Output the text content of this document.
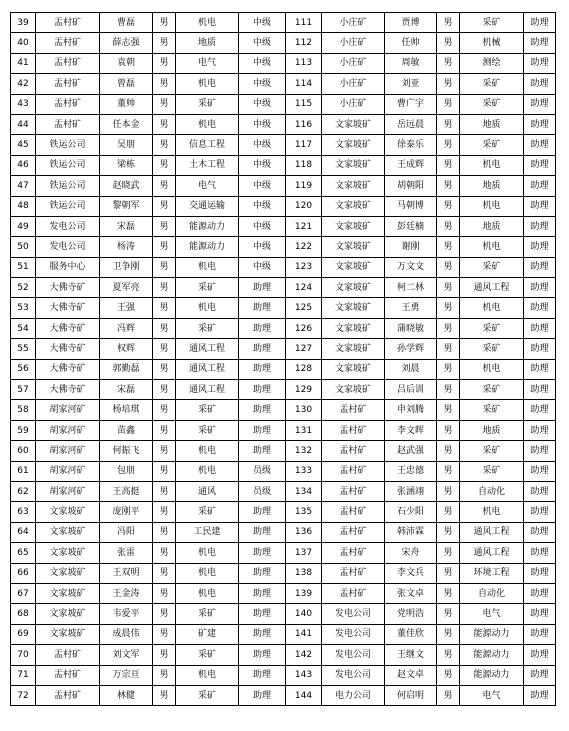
39	盂村矿	曹磊	男	机电	中级	111	小庄矿	贾博	男	采矿	助理
40	盂村矿	薛志强	男	地质	中级	112	小庄矿	任帅	男	机械	助理
41	盂村矿	袁朝	男	电气	中级	113	小庄矿	周敏	男	测绘	助理
42	盂村矿	曾磊	男	机电	中级	114	小庄矿	刘亚	男	采矿	助理
43	盂村矿	董帅	男	采矿	中级	115	小庄矿	曹广宇	男	采矿	助理
44	盂村矿	任本金	男	机电	中级	116	文家坡矿	岳远晨	男	地质	助理
45	铁运公司	吴朋	男	信息工程	中级	117	文家坡矿	徐泰乐	男	采矿	助理
46	铁运公司	梁栋	男	土木工程	中级	118	文家坡矿	王成辉	男	机电	助理
47	铁运公司	赵晓武	男	电气	中级	119	文家坡矿	胡朝阳	男	地质	助理
48	铁运公司	黎朝军	男	交通运输	中级	120	文家坡矿	马朝博	男	机电	助理
49	发电公司	宋磊	男	能源动力	中级	121	文家坡矿	彭廷楠	男	地质	助理
50	发电公司	杨涛	男	能源动力	中级	122	文家坡矿	谢刚	男	机电	助理
51	服务中心	卫争刚	男	机电	中级	123	文家坡矿	万文文	男	采矿	助理
52	大佛寺矿	夏军亮	男	采矿	助理	124	文家坡矿	柯二林	男	通风工程	助理
53	大佛寺矿	王强	男	机电	助理	125	文家坡矿	王勇	男	机电	助理
54	大佛寺矿	冯辉	男	采矿	助理	126	文家坡矿	蒲晓敏	男	采矿	助理
55	大佛寺矿	权辉	男	通风工程	助理	127	文家坡矿	孙学辉	男	采矿	助理
56	大佛寺矿	郭勤磊	男	通风工程	助理	128	文家坡矿	刘晨	男	机电	助理
57	大佛寺矿	宋磊	男	通风工程	助理	129	文家坡矿	吕后训	男	采矿	助理
58	胡家河矿	杨培琪	男	采矿	助理	130	盂村矿	申刘腾	男	采矿	助理
59	胡家河矿	苗鑫	男	采矿	助理	131	盂村矿	李文晖	男	地质	助理
60	胡家河矿	何振飞	男	机电	助理	132	盂村矿	赵武强	男	采矿	助理
61	胡家河矿	包朋	男	机电	员级	133	盂村矿	王忠德	男	采矿	助理
62	胡家河矿	王高挺	男	通风	员级	134	盂村矿	张涵翊	男	自动化	助理
63	文家坡矿	庞刚平	男	采矿	助理	135	盂村矿	石少阳	男	机电	助理
64	文家坡矿	冯阳	男	工民建	助理	136	盂村矿	韩沛霖	男	通风工程	助理
65	文家坡矿	张雷	男	机电	助理	137	盂村矿	宋舟	男	通风工程	助理
66	文家坡矿	王双明	男	机电	助理	138	盂村矿	李文兵	男	环境工程	助理
67	文家坡矿	王金涛	男	机电	助理	139	盂村矿	张文卓	男	自动化	助理
68	文家坡矿	韦爱平	男	采矿	助理	140	发电公司	党明浩	男	电气	助理
69	文家坡矿	成晨伟	男	矿建	助理	141	发电公司	董佳欣	男	能源动力	助理
70	盂村矿	刘文军	男	采矿	助理	142	发电公司	王继文	男	能源动力	助理
71	盂村矿	万宗亘	男	机电	助理	143	发电公司	赵文卓	男	能源动力	助理
72	盂村矿	林健	男	采矿	助理	144	电力公司	何启明	男	电气	助理
